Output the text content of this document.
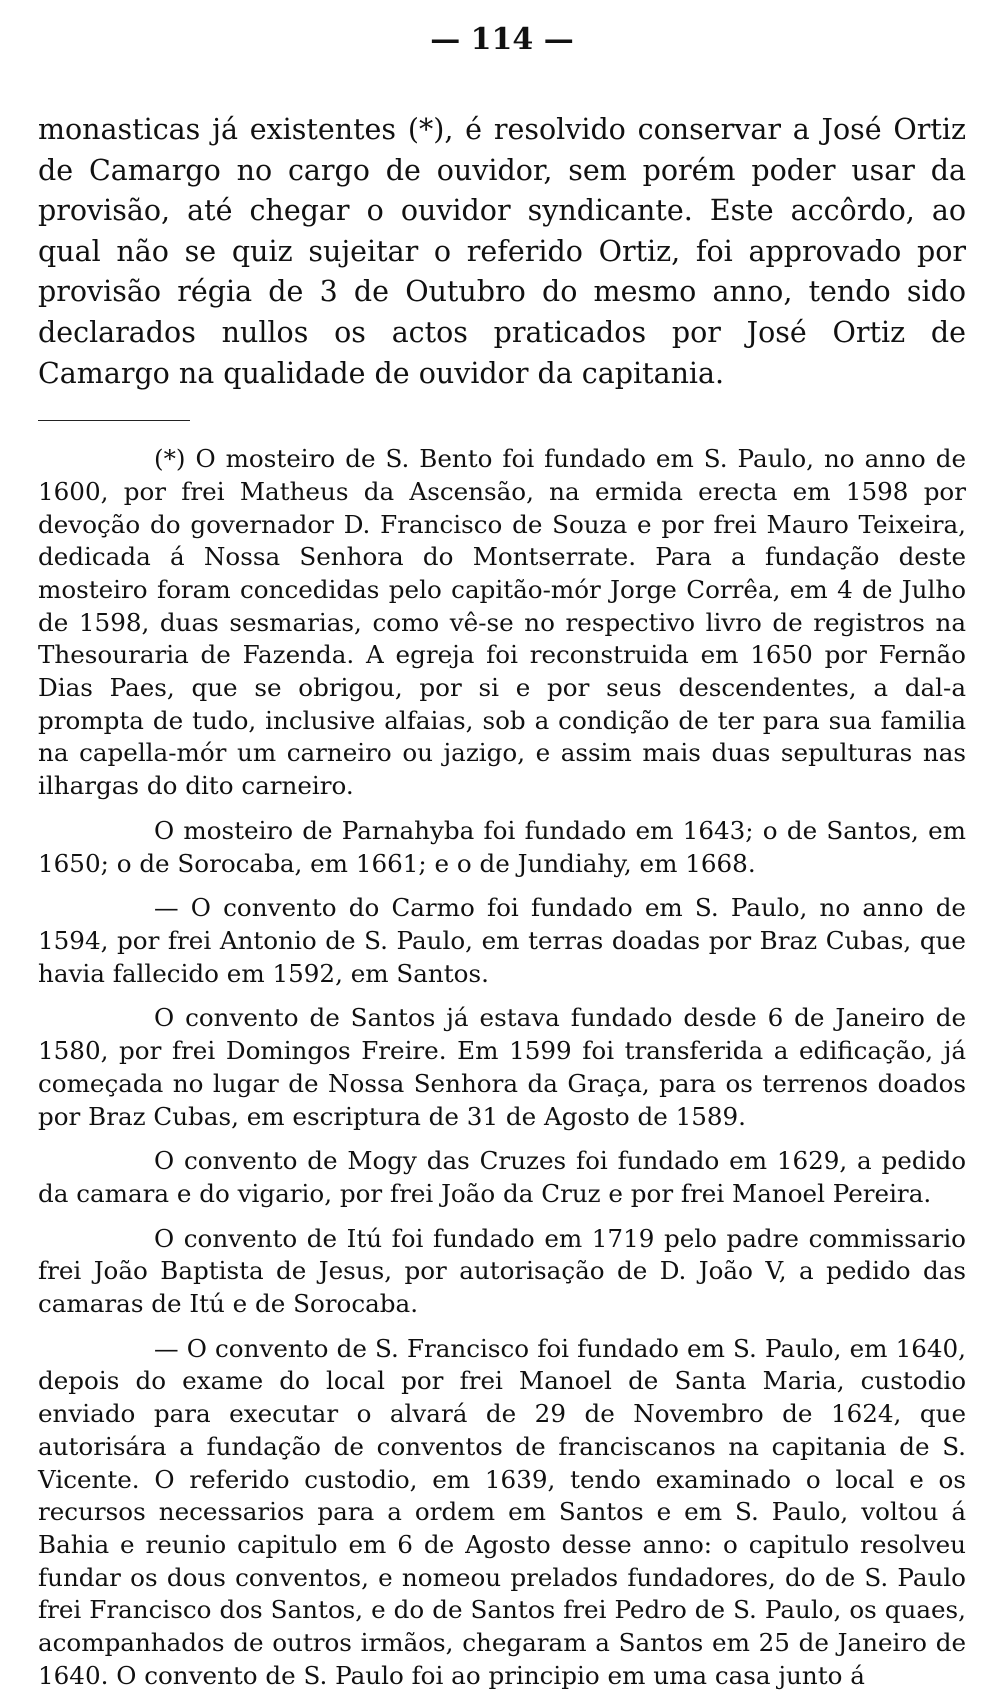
— 114 —

monasticas já existentes (*), é resolvido conservar a José Ortiz de Camargo no cargo de ouvidor, sem porém poder usar da provisão, até chegar o ouvidor syndicante. Este accôrdo, ao qual não se quiz sujeitar o referido Ortiz, foi approvado por provisão régia de 3 de Outubro do mesmo anno, tendo sido declarados nullos os actos praticados por José Ortiz de Camargo na qualidade de ouvidor da capitania.

(*) O mosteiro de S. Bento foi fundado em S. Paulo, no anno de 1600, por frei Matheus da Ascensão, na ermida erecta em 1598 por devoção do governador D. Francisco de Souza e por frei Mauro Teixeira, dedicada á Nossa Senhora do Montserrate. Para a fundação deste mosteiro foram concedidas pelo capitão-mór Jorge Corrêa, em 4 de Julho de 1598, duas sesmarias, como vê-se no respectivo livro de registros na Thesouraria de Fazenda. A egreja foi reconstruida em 1650 por Fernão Dias Paes, que se obrigou, por si e por seus descendentes, a dal-a prompta de tudo, inclusive alfaias, sob a condição de ter para sua familia na capella-mór um carneiro ou jazigo, e assim mais duas sepulturas nas ilhargas do dito carneiro.

O mosteiro de Parnahyba foi fundado em 1643; o de Santos, em 1650; o de Sorocaba, em 1661; e o de Jundiahy, em 1668.

— O convento do Carmo foi fundado em S. Paulo, no anno de 1594, por frei Antonio de S. Paulo, em terras doadas por Braz Cubas, que havia fallecido em 1592, em Santos.

O convento de Santos já estava fundado desde 6 de Janeiro de 1580, por frei Domingos Freire. Em 1599 foi transferida a edificação, já começada no lugar de Nossa Senhora da Graça, para os terrenos doados por Braz Cubas, em escriptura de 31 de Agosto de 1589.

O convento de Mogy das Cruzes foi fundado em 1629, a pedido da camara e do vigario, por frei João da Cruz e por frei Manoel Pereira.

O convento de Itú foi fundado em 1719 pelo padre commissario frei João Baptista de Jesus, por autorisação de D. João V, a pedido das camaras de Itú e de Sorocaba.

— O convento de S. Francisco foi fundado em S. Paulo, em 1640, depois do exame do local por frei Manoel de Santa Maria, custodio enviado para executar o alvará de 29 de Novembro de 1624, que autorisára a fundação de conventos de franciscanos na capitania de S. Vicente. O referido custodio, em 1639, tendo examinado o local e os recursos necessarios para a ordem em Santos e em S. Paulo, voltou á Bahia e reunio capitulo em 6 de Agosto desse anno: o capitulo resolveu fundar os dous conventos, e nomeou prelados fundadores, do de S. Paulo frei Francisco dos Santos, e do de Santos frei Pedro de S. Paulo, os quaes, acompanhados de outros irmãos, chegaram a Santos em 25 de Janeiro de 1640. O convento de S. Paulo foi ao principio em uma casa junto á
